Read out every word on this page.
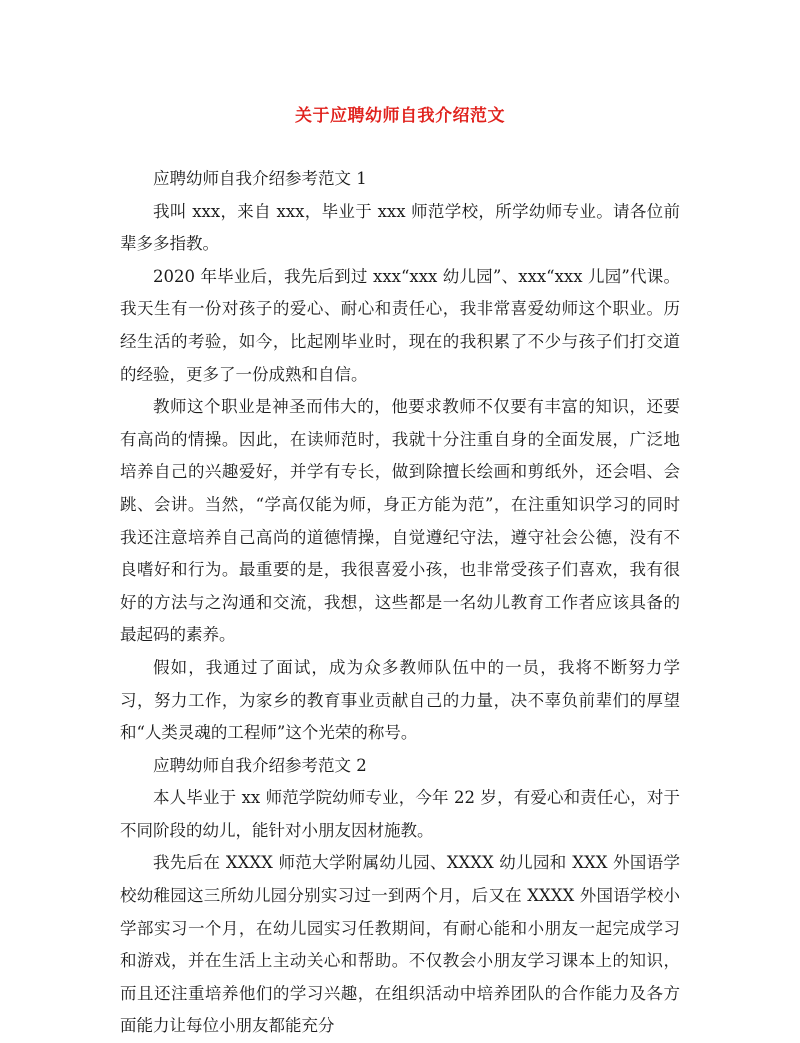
关于应聘幼师自我介绍范文

应聘幼师自我介绍参考范文 1

我叫 xxx，来自 xxx，毕业于 xxx 师范学校，所学幼师专业。请各位前辈多多指教。

2020 年毕业后，我先后到过 xxx“xxx 幼儿园”、xxx“xxx 儿园”代课。我天生有一份对孩子的爱心、耐心和责任心，我非常喜爱幼师这个职业。历经生活的考验，如今，比起刚毕业时，现在的我积累了不少与孩子们打交道的经验，更多了一份成熟和自信。

教师这个职业是神圣而伟大的，他要求教师不仅要有丰富的知识，还要有高尚的情操。因此，在读师范时，我就十分注重自身的全面发展，广泛地培养自己的兴趣爱好，并学有专长，做到除擅长绘画和剪纸外，还会唱、会跳、会讲。当然，“学高仅能为师，身正方能为范”，在注重知识学习的同时我还注意培养自己高尚的道德情操，自觉遵纪守法，遵守社会公德，没有不良嗜好和行为。最重要的是，我很喜爱小孩，也非常受孩子们喜欢，我有很好的方法与之沟通和交流，我想，这些都是一名幼儿教育工作者应该具备的最起码的素养。

假如，我通过了面试，成为众多教师队伍中的一员，我将不断努力学习，努力工作，为家乡的教育事业贡献自己的力量，决不辜负前辈们的厚望和“人类灵魂的工程师”这个光荣的称号。

应聘幼师自我介绍参考范文 2

本人毕业于 xx 师范学院幼师专业，今年 22 岁，有爱心和责任心，对于不同阶段的幼儿，能针对小朋友因材施教。

我先后在 XXXX 师范大学附属幼儿园、XXXX 幼儿园和 XXX 外国语学校幼稚园这三所幼儿园分别实习过一到两个月，后又在 XXXX 外国语学校小学部实习一个月，在幼儿园实习任教期间，有耐心能和小朋友一起完成学习和游戏，并在生活上主动关心和帮助。不仅教会小朋友学习课本上的知识，而且还注重培养他们的学习兴趣，在组织活动中培养团队的合作能力及各方面能力让每位小朋友都能充分
